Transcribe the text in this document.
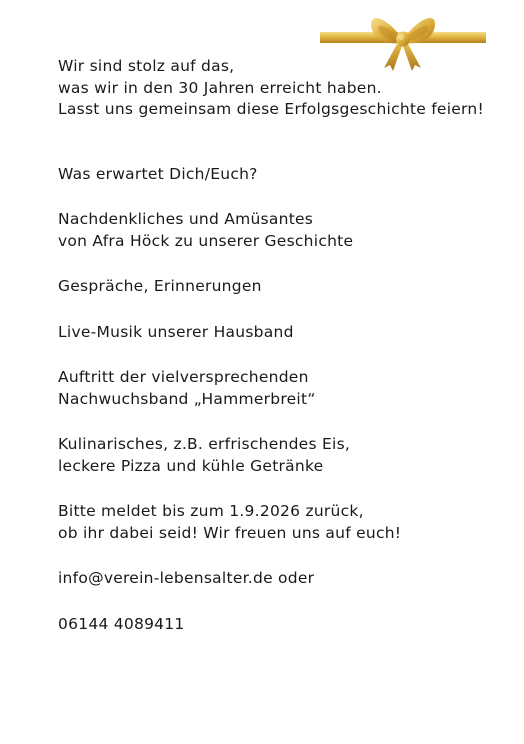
Wir sind stolz auf das,
was wir in den 30 Jahren erreicht haben.
Lasst uns gemeinsam diese Erfolgsgeschichte feiern!
Was erwartet Dich/Euch?
Nachdenkliches und Amüsantes
von Afra Höck zu unserer Geschichte
Gespräche, Erinnerungen
Live-Musik unserer Hausband
Auftritt der vielversprechenden
Nachwuchsband „Hammerbreit“
Kulinarisches, z.B. erfrischendes Eis,
leckere Pizza und kühle Getränke
Bitte meldet bis zum 1.9.2026 zurück,
ob ihr dabei seid! Wir freuen uns auf euch!
info@verein-lebensalter.de oder
06144 4089411
